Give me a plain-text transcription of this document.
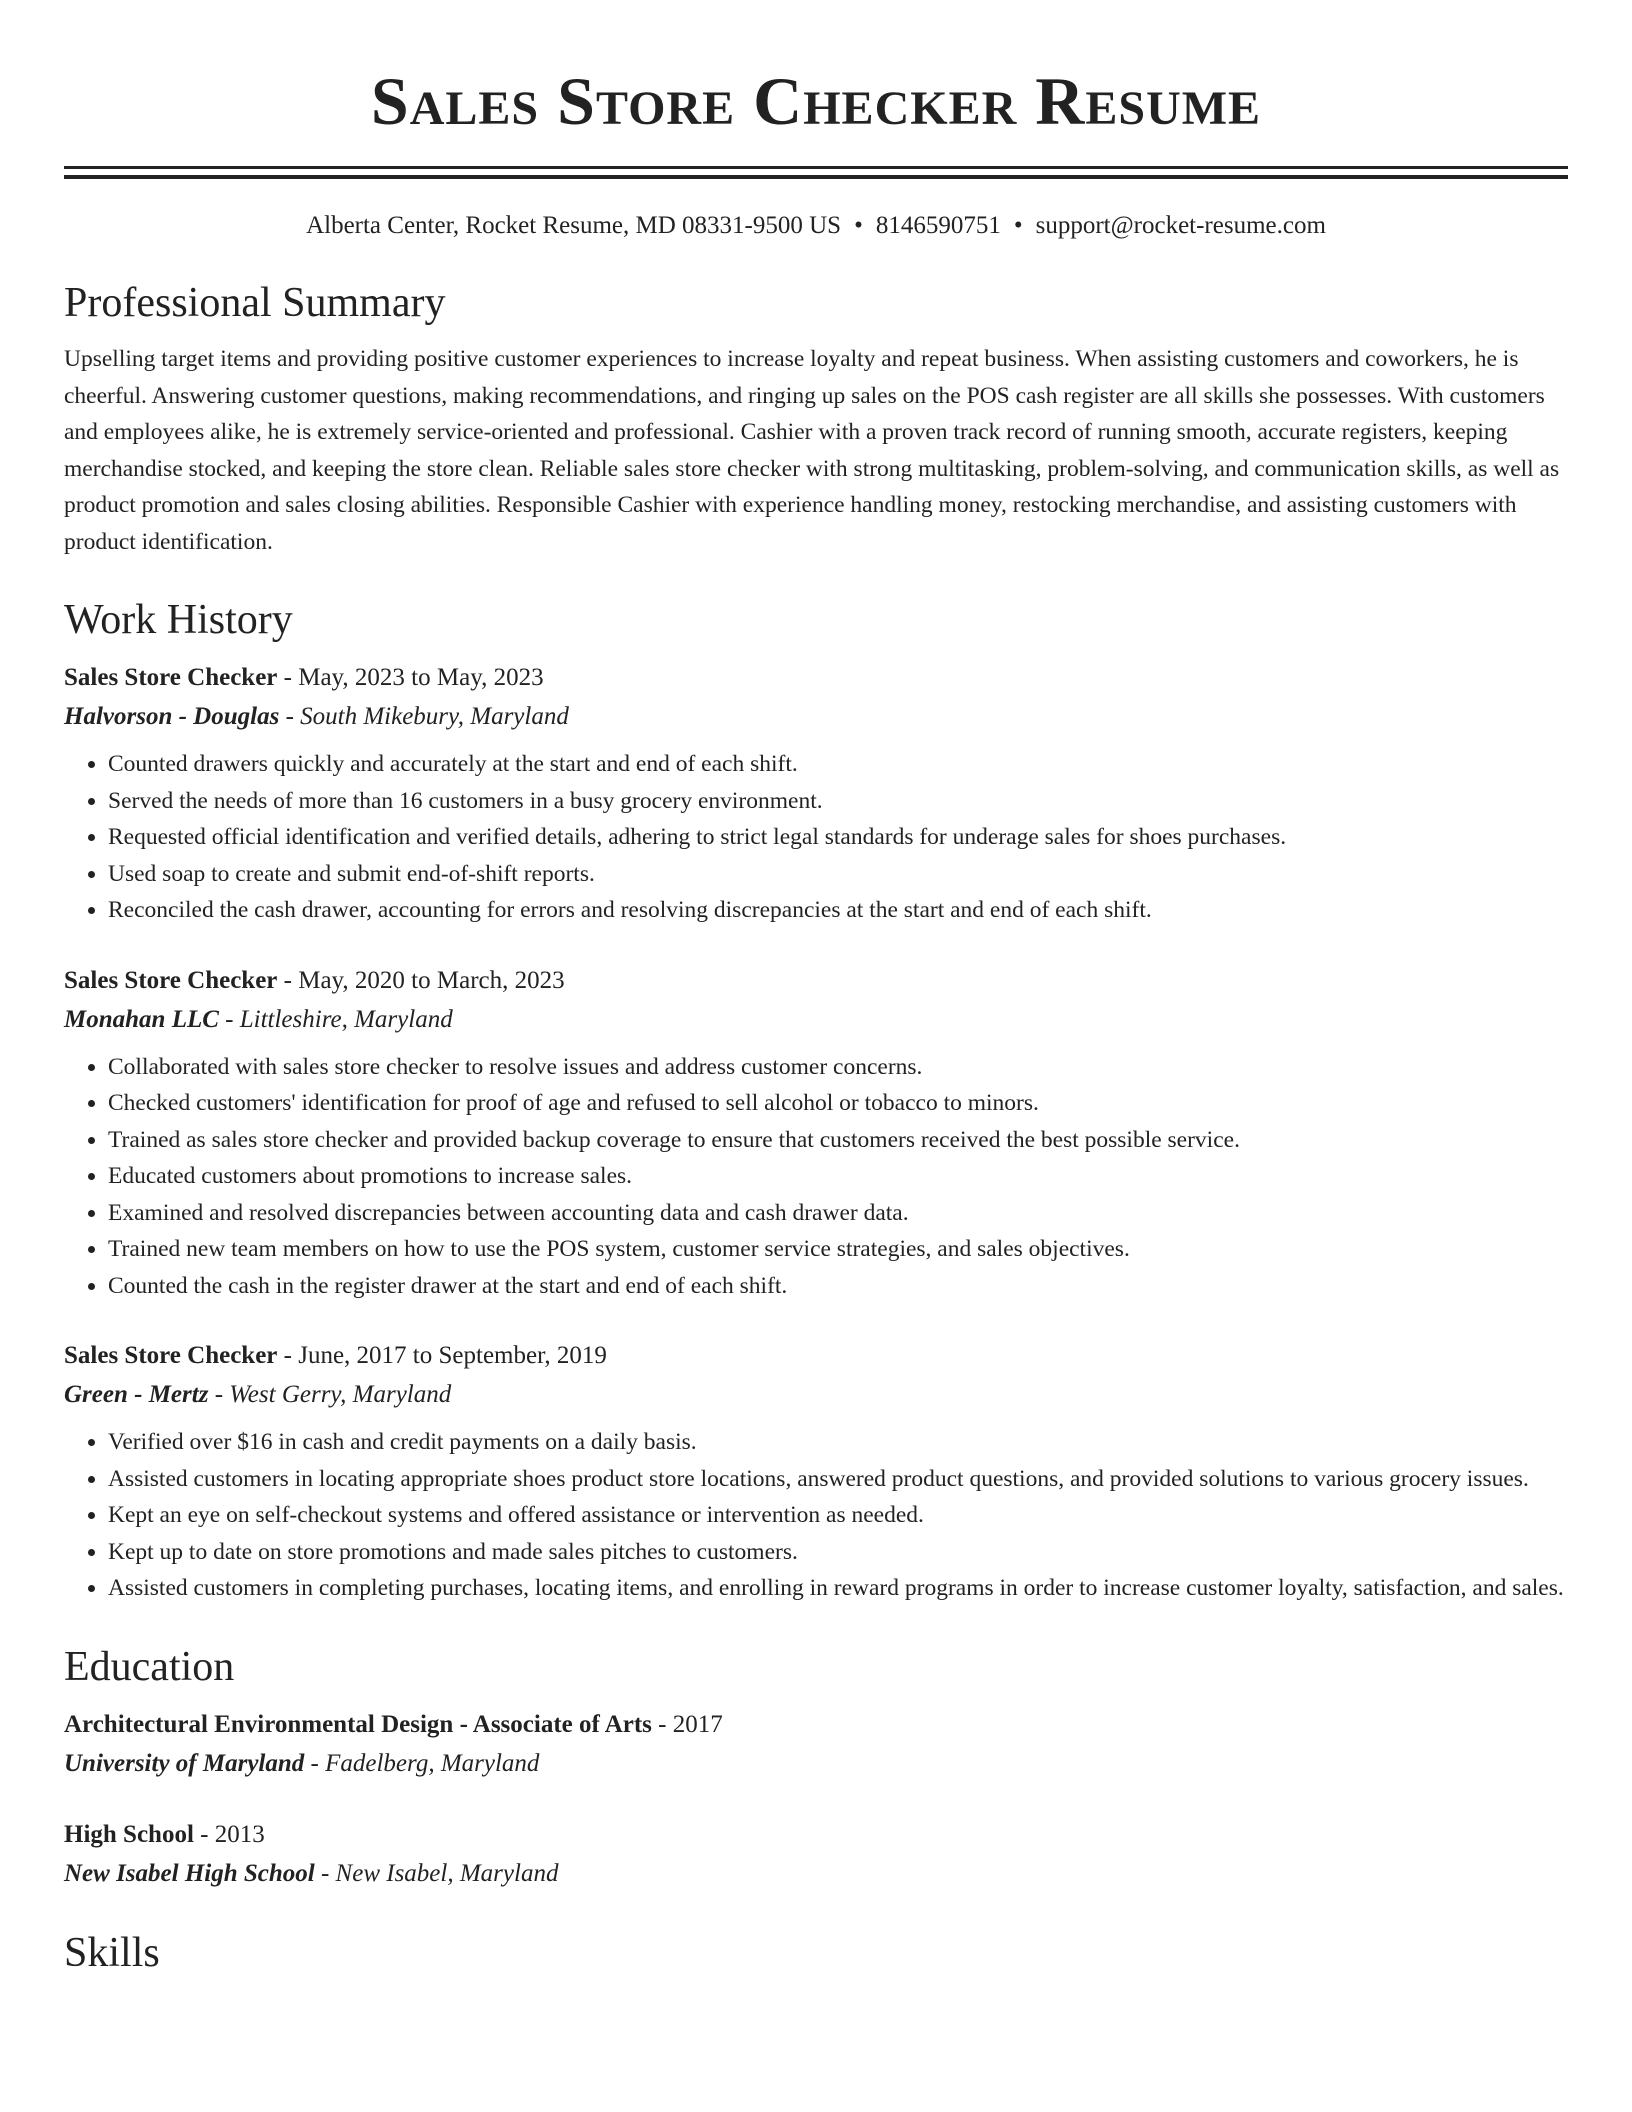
Sales Store Checker Resume
Alberta Center, Rocket Resume, MD 08331-9500 US • 8146590751 • support@rocket-resume.com
Professional Summary

Upselling target items and providing positive customer experiences to increase loyalty and repeat business. When assisting customers and coworkers, he is cheerful. Answering customer questions, making recommendations, and ringing up sales on the POS cash register are all skills she possesses. With customers and employees alike, he is extremely service-oriented and professional. Cashier with a proven track record of running smooth, accurate registers, keeping merchandise stocked, and keeping the store clean. Reliable sales store checker with strong multitasking, problem-solving, and communication skills, as well as product promotion and sales closing abilities. Responsible Cashier with experience handling money, restocking merchandise, and assisting customers with product identification.

Work History
Sales Store Checker - May, 2023 to May, 2023
Halvorson - Douglas - South Mikebury, Maryland
• Counted drawers quickly and accurately at the start and end of each shift.
• Served the needs of more than 16 customers in a busy grocery environment.
• Requested official identification and verified details, adhering to strict legal standards for underage sales for shoes purchases.
• Used soap to create and submit end-of-shift reports.
• Reconciled the cash drawer, accounting for errors and resolving discrepancies at the start and end of each shift.
Sales Store Checker - May, 2020 to March, 2023
Monahan LLC - Littleshire, Maryland
• Collaborated with sales store checker to resolve issues and address customer concerns.
• Checked customers' identification for proof of age and refused to sell alcohol or tobacco to minors.
• Trained as sales store checker and provided backup coverage to ensure that customers received the best possible service.
• Educated customers about promotions to increase sales.
• Examined and resolved discrepancies between accounting data and cash drawer data.
• Trained new team members on how to use the POS system, customer service strategies, and sales objectives.
• Counted the cash in the register drawer at the start and end of each shift.
Sales Store Checker - June, 2017 to September, 2019
Green - Mertz - West Gerry, Maryland
• Verified over $16 in cash and credit payments on a daily basis.
• Assisted customers in locating appropriate shoes product store locations, answered product questions, and provided solutions to various grocery issues.
• Kept an eye on self-checkout systems and offered assistance or intervention as needed.
• Kept up to date on store promotions and made sales pitches to customers.
• Assisted customers in completing purchases, locating items, and enrolling in reward programs in order to increase customer loyalty, satisfaction, and sales.
Education
Architectural Environmental Design - Associate of Arts - 2017
University of Maryland - Fadelberg, Maryland
High School - 2013
New Isabel High School - New Isabel, Maryland
Skills
